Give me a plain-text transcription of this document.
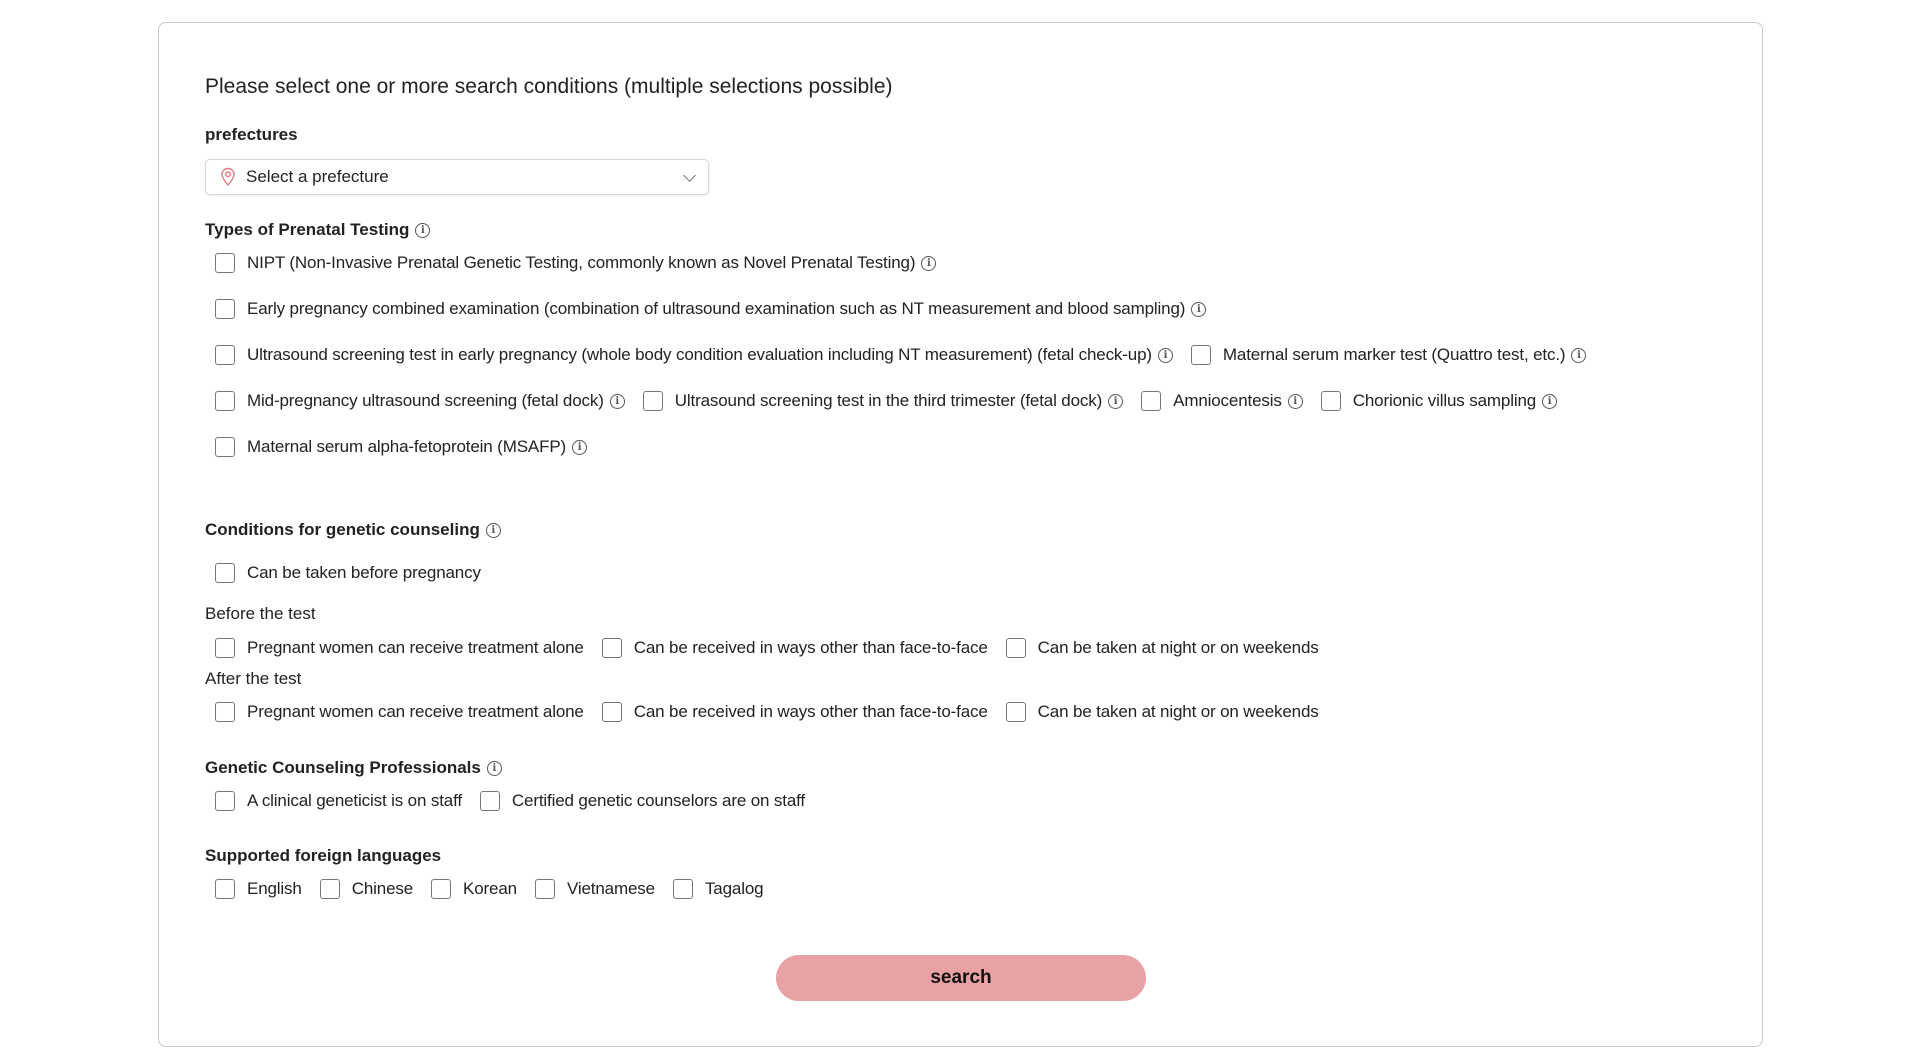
Please select one or more search conditions (multiple selections possible)
prefectures
Select a prefecture
Types of Prenatal Testing	i
NIPT (Non-Invasive Prenatal Genetic Testing, commonly known as Novel Prenatal Testing)	i
Early pregnancy combined examination (combination of ultrasound examination such as NT measurement and blood sampling)	i
Ultrasound screening test in early pregnancy (whole body condition evaluation including NT measurement) (fetal check-up)	i	Maternal serum marker test (Quattro test, etc.)	i
Mid-pregnancy ultrasound screening (fetal dock)	i	Ultrasound screening test in the third trimester (fetal dock)	i	Amniocentesis	i	Chorionic villus sampling	i
Maternal serum alpha-fetoprotein (MSAFP)	i
Conditions for genetic counseling	i
Can be taken before pregnancy
Before the test
Pregnant women can receive treatment alone	Can be received in ways other than face-to-face	Can be taken at night or on weekends
After the test
Pregnant women can receive treatment alone	Can be received in ways other than face-to-face	Can be taken at night or on weekends
Genetic Counseling Professionals	i
A clinical geneticist is on staff	Certified genetic counselors are on staff
Supported foreign languages
English	Chinese	Korean	Vietnamese	Tagalog
search
